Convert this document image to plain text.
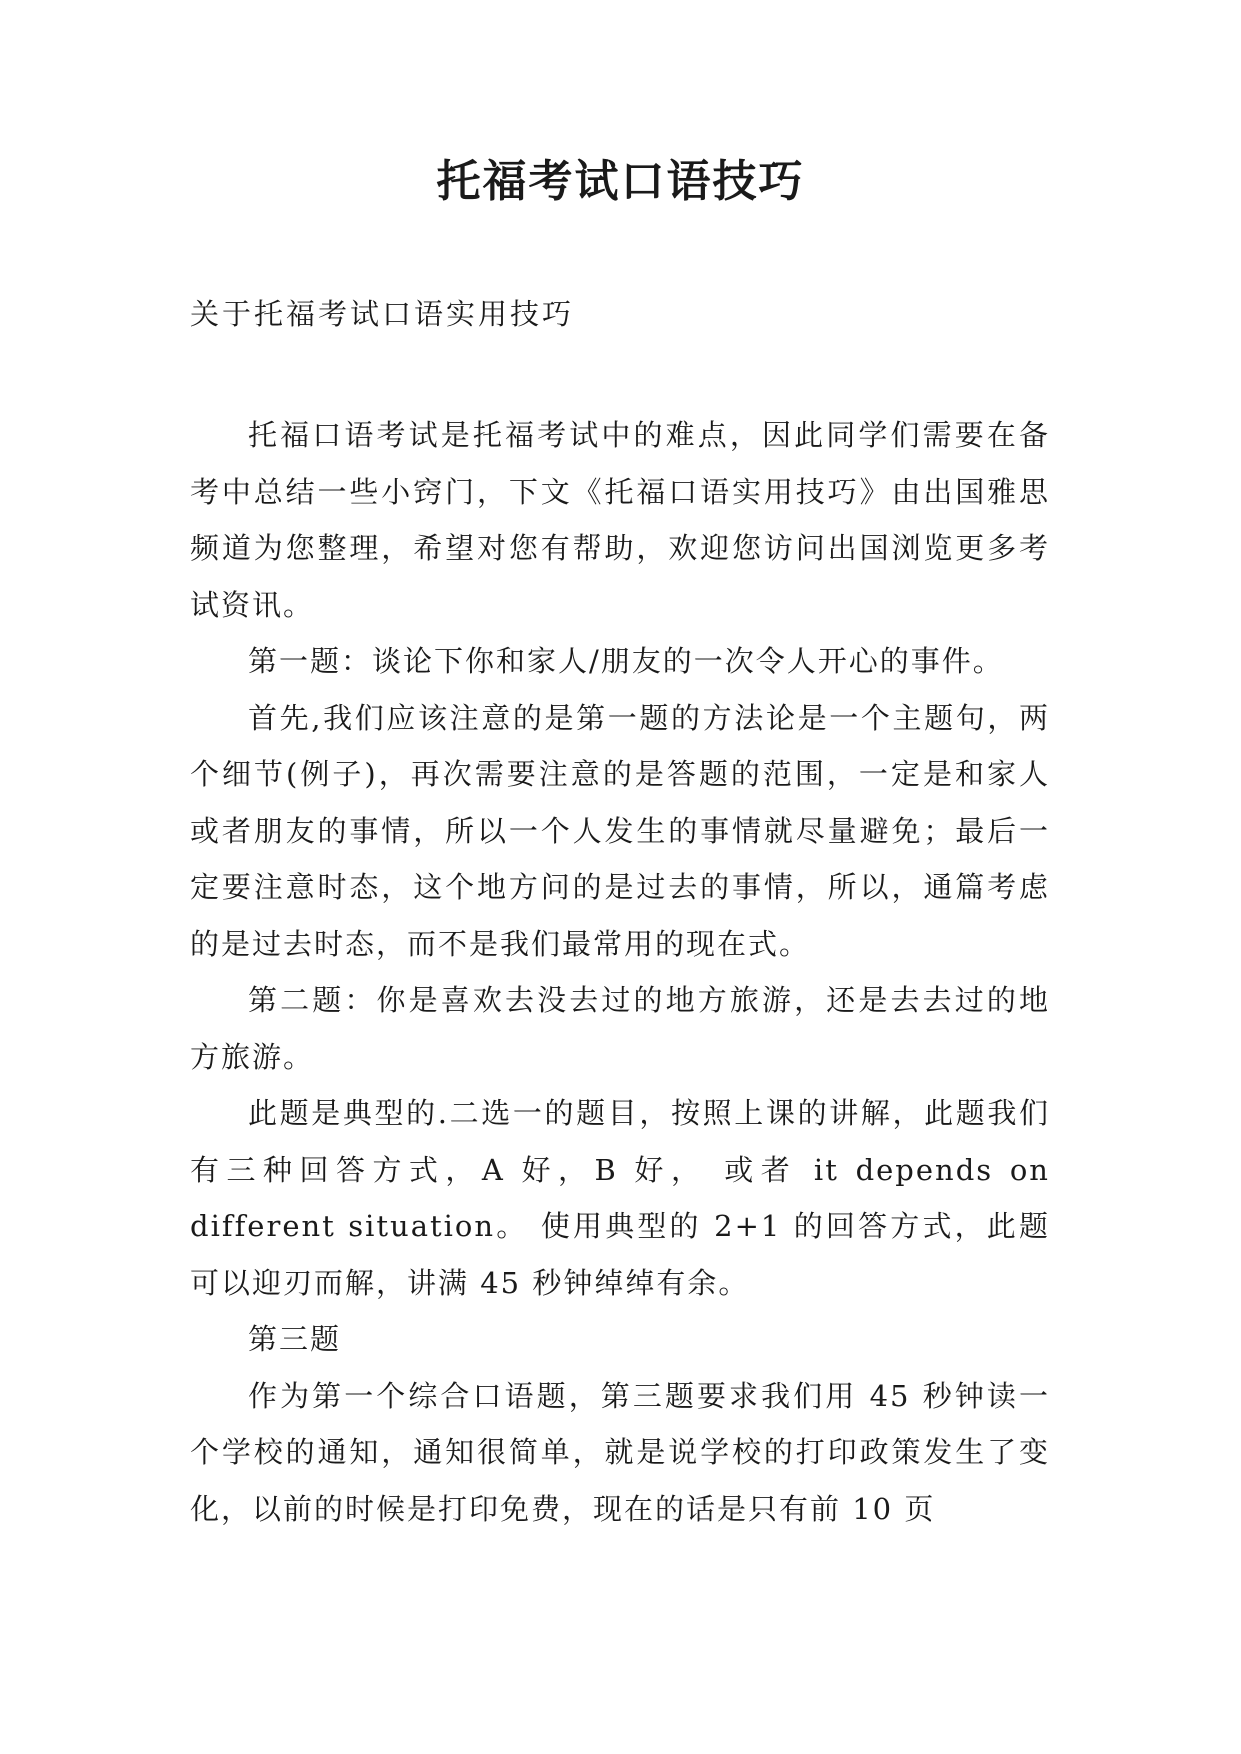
托福考试口语技巧
关于托福考试口语实用技巧

托福口语考试是托福考试中的难点，因此同学们需要在备考中总结一些小窍门，下文《托福口语实用技巧》由出国雅思频道为您整理，希望对您有帮助，欢迎您访问出国浏览更多考试资讯。

第一题：谈论下你和家人/朋友的一次令人开心的事件。

首先,我们应该注意的是第一题的方法论是一个主题句，两个细节(例子)，再次需要注意的是答题的范围，一定是和家人或者朋友的事情，所以一个人发生的事情就尽量避免；最后一定要注意时态，这个地方问的是过去的事情，所以，通篇考虑的是过去时态，而不是我们最常用的现在式。

第二题：你是喜欢去没去过的地方旅游，还是去去过的地方旅游。

此题是典型的.二选一的题目，按照上课的讲解，此题我们有三种回答方式，A 好，B 好， 或者 it depends on different situation。 使用典型的 2+1 的回答方式，此题可以迎刃而解，讲满 45 秒钟绰绰有余。

第三题

作为第一个综合口语题，第三题要求我们用 45 秒钟读一个学校的通知，通知很简单，就是说学校的打印政策发生了变化，以前的时候是打印免费，现在的话是只有前 10 页
